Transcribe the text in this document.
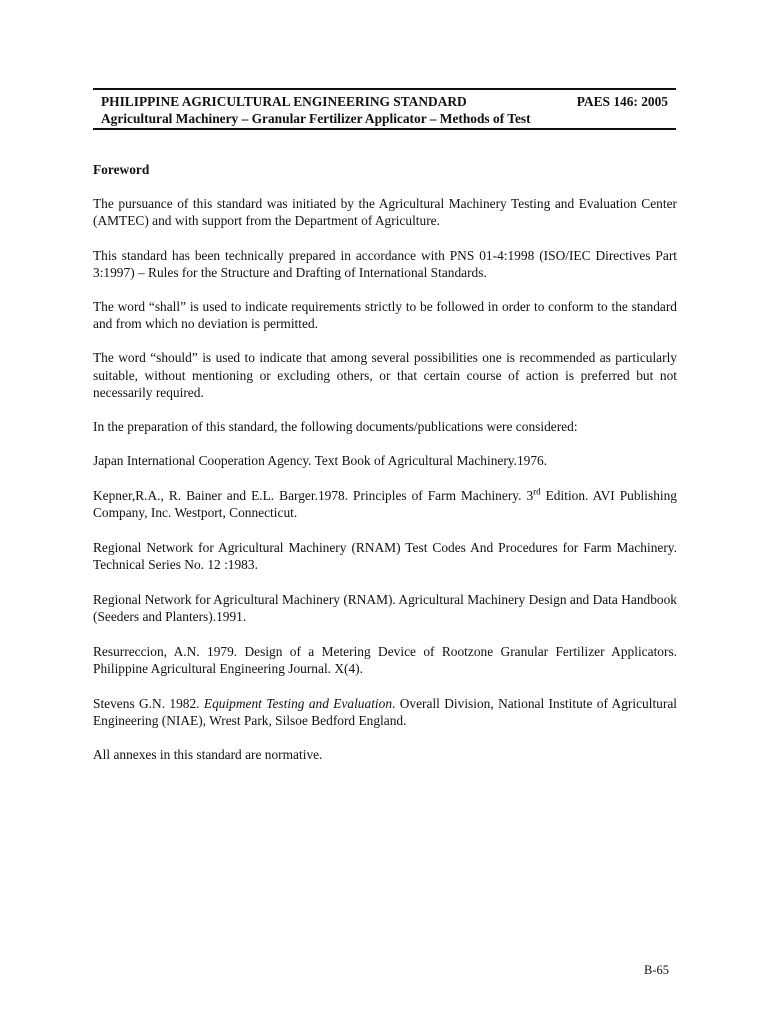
PHILIPPINE AGRICULTURAL ENGINEERING STANDARD	PAES 146: 2005
Agricultural Machinery – Granular Fertilizer Applicator – Methods of Test
Foreword

The pursuance of this standard was initiated by the Agricultural Machinery Testing and Evaluation Center (AMTEC) and with support from the Department of Agriculture.

This standard has been technically prepared in accordance with PNS 01-4:1998 (ISO/IEC Directives Part 3:1997) – Rules for the Structure and Drafting of International Standards.

The word “shall” is used to indicate requirements strictly to be followed in order to conform to the standard and from which no deviation is permitted.

The word “should” is used to indicate that among several possibilities one is recommended as particularly suitable, without mentioning or excluding others, or that certain course of action is preferred but not necessarily required.

In the preparation of this standard, the following documents/publications were considered:

Japan International Cooperation Agency. Text Book of Agricultural Machinery.1976.

Kepner,R.A., R. Bainer and E.L. Barger.1978. Principles of Farm Machinery. 3rd Edition. AVI Publishing Company, Inc. Westport, Connecticut.

Regional Network for Agricultural Machinery (RNAM) Test Codes And Procedures for Farm Machinery. Technical Series No. 12 :1983.

Regional Network for Agricultural Machinery (RNAM). Agricultural Machinery Design and Data Handbook (Seeders and Planters).1991.

Resurreccion, A.N. 1979. Design of a Metering Device of Rootzone Granular Fertilizer Applicators. Philippine Agricultural Engineering Journal. X(4).

Stevens G.N. 1982. Equipment Testing and Evaluation. Overall Division, National Institute of Agricultural Engineering (NIAE), Wrest Park, Silsoe Bedford England.

All annexes in this standard are normative.

B-65
